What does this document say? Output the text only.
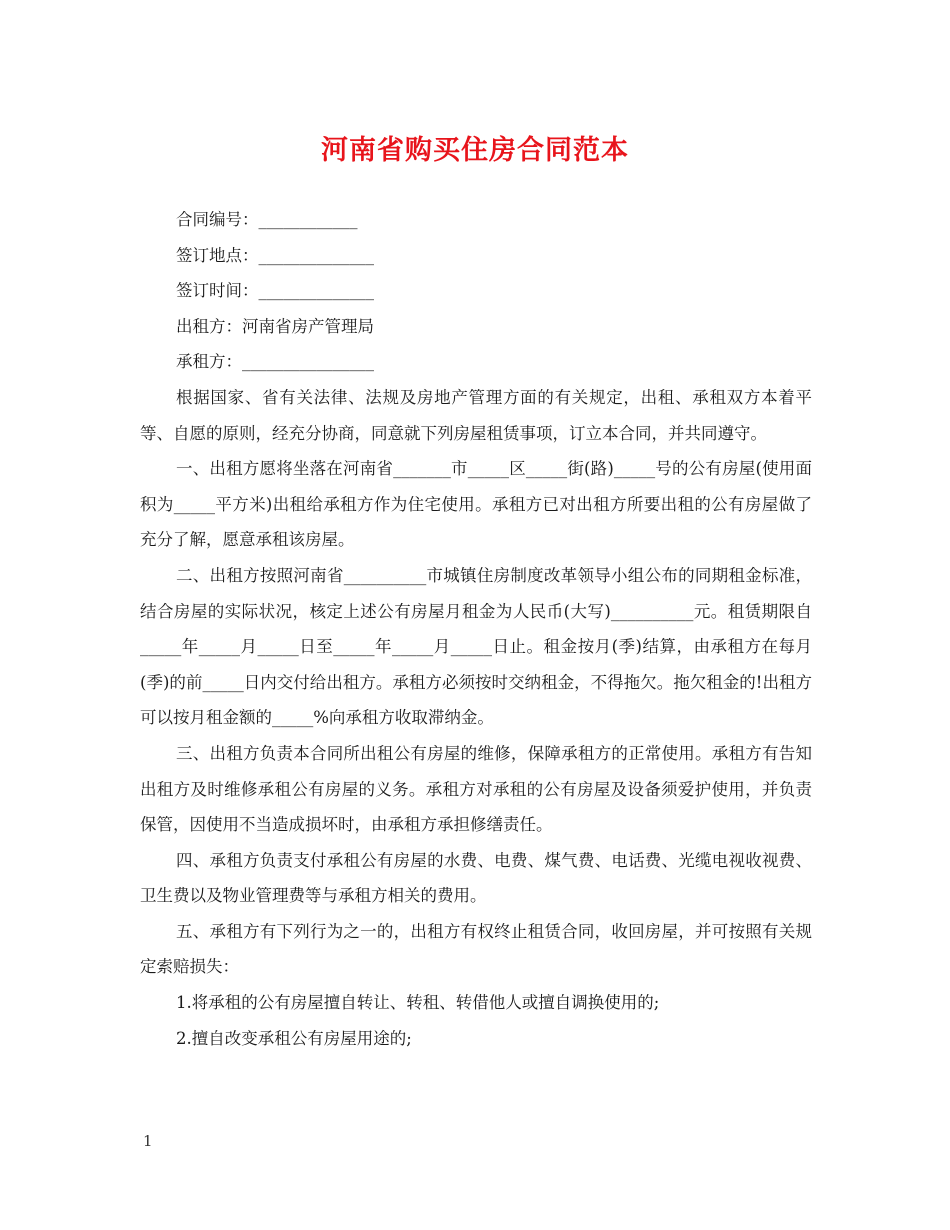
河南省购买住房合同范本
合同编号：____________
签订地点：______________
签订时间：______________
出租方：河南省房产管理局
承租方：________________
根据国家、省有关法律、法规及房地产管理方面的有关规定，出租、承租双方本着平等、自愿的原则，经充分协商，同意就下列房屋租赁事项，订立本合同，并共同遵守。
一、出租方愿将坐落在河南省_______市_____区_____街(路)_____号的公有房屋(使用面积为_____平方米)出租给承租方作为住宅使用。承租方已对出租方所要出租的公有房屋做了充分了解，愿意承租该房屋。
二、出租方按照河南省__________市城镇住房制度改革领导小组公布的同期租金标准，结合房屋的实际状况，核定上述公有房屋月租金为人民币(大写)__________元。租赁期限自_____年_____月_____日至_____年_____月_____日止。租金按月(季)结算，由承租方在每月(季)的前_____日内交付给出租方。承租方必须按时交纳租金，不得拖欠。拖欠租金的!出租方可以按月租金额的_____%向承租方收取滞纳金。
三、出租方负责本合同所出租公有房屋的维修，保障承租方的正常使用。承租方有告知出租方及时维修承租公有房屋的义务。承租方对承租的公有房屋及设备须爱护使用，并负责保管，因使用不当造成损坏时，由承租方承担修缮责任。
四、承租方负责支付承租公有房屋的水费、电费、煤气费、电话费、光缆电视收视费、卫生费以及物业管理费等与承租方相关的费用。
五、承租方有下列行为之一的，出租方有权终止租赁合同，收回房屋，并可按照有关规定索赔损失：
1.将承租的公有房屋擅自转让、转租、转借他人或擅自调换使用的;
2.擅自改变承租公有房屋用途的;
1
